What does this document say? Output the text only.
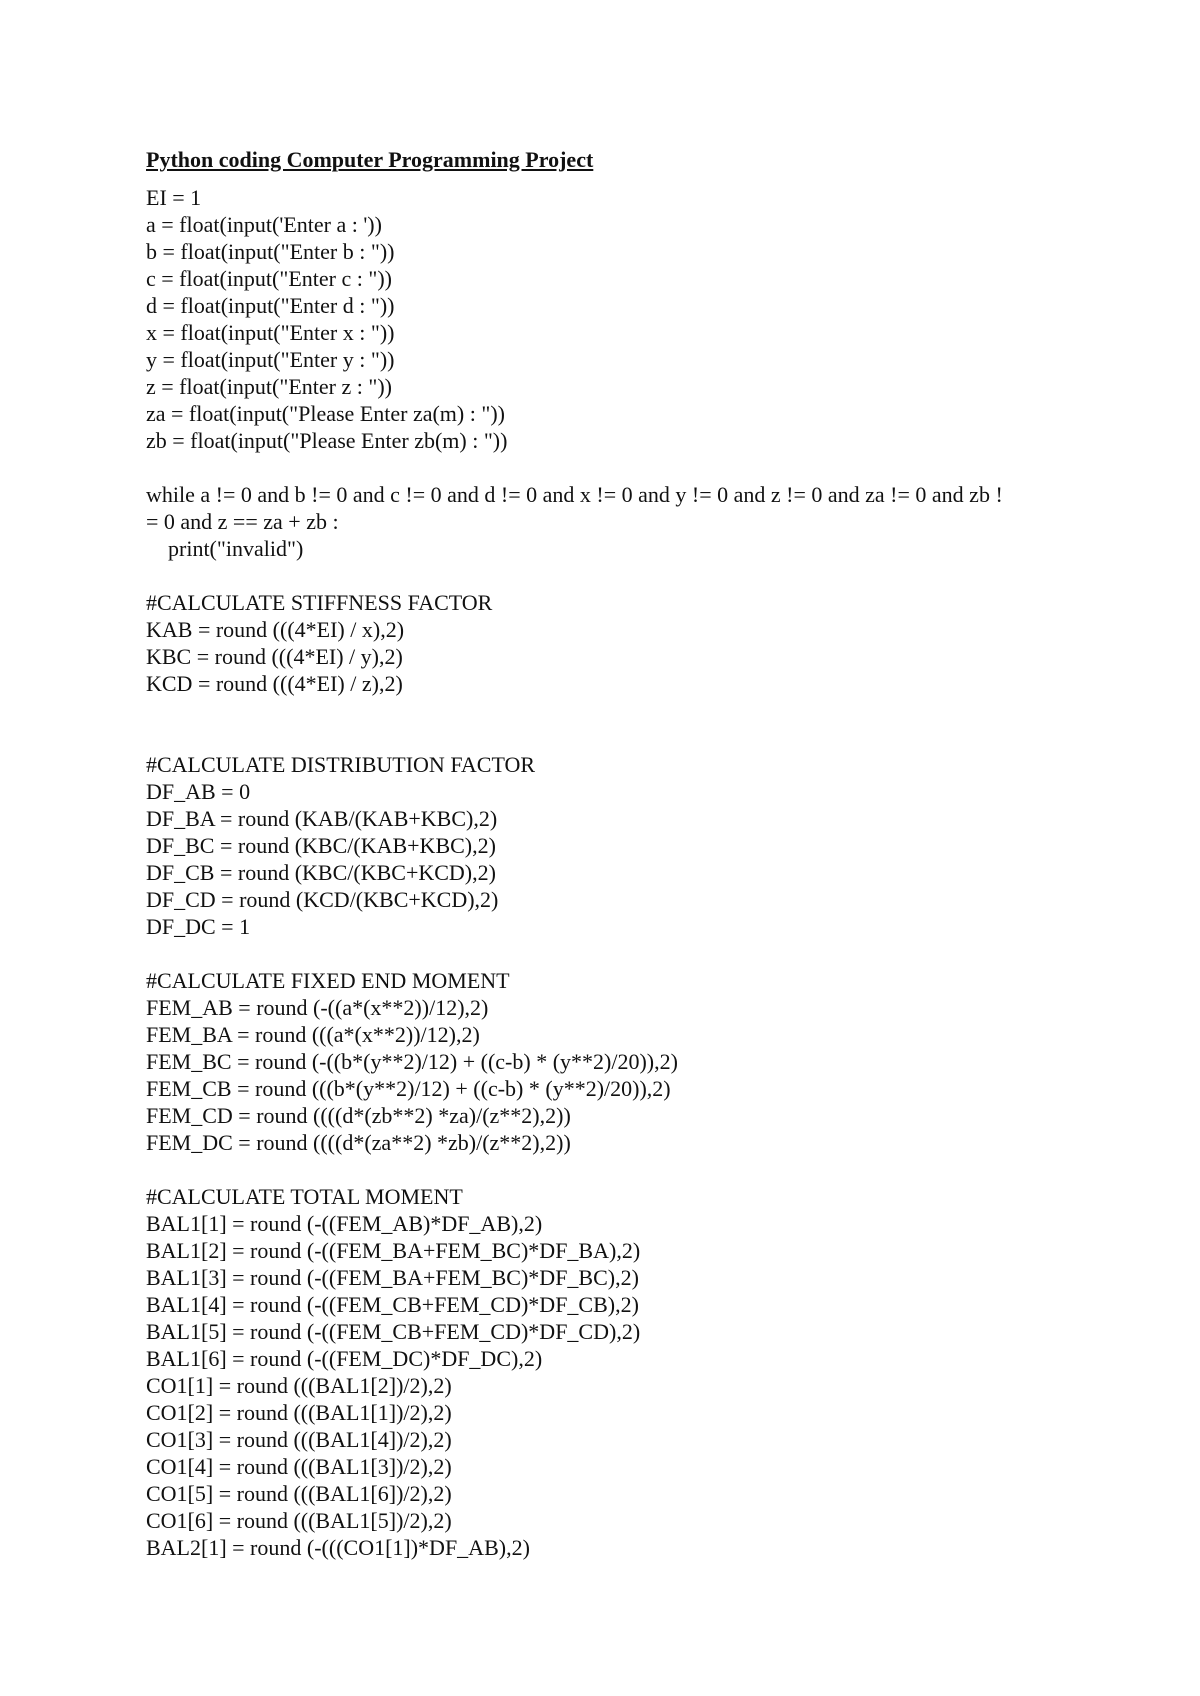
Python coding Computer Programming Project
EI = 1
a = float(input('Enter a : '))
b = float(input("Enter b : "))
c = float(input("Enter c : "))
d = float(input("Enter d : "))
x = float(input("Enter x : "))
y = float(input("Enter y : "))
z = float(input("Enter z : "))
za = float(input("Please Enter za(m) : "))
zb = float(input("Please Enter zb(m) : "))
while a != 0 and b != 0 and c != 0 and d != 0 and x != 0 and y != 0 and z != 0 and za != 0 and zb !
= 0 and z == za + zb :
print("invalid")
#CALCULATE STIFFNESS FACTOR
KAB = round (((4*EI) / x),2)
KBC = round (((4*EI) / y),2)
KCD = round (((4*EI) / z),2)
#CALCULATE DISTRIBUTION FACTOR
DF_AB = 0
DF_BA = round (KAB/(KAB+KBC),2)
DF_BC = round (KBC/(KAB+KBC),2)
DF_CB = round (KBC/(KBC+KCD),2)
DF_CD = round (KCD/(KBC+KCD),2)
DF_DC = 1
#CALCULATE FIXED END MOMENT
FEM_AB = round (-((a*(x**2))/12),2)
FEM_BA = round (((a*(x**2))/12),2)
FEM_BC = round (-((b*(y**2)/12) + ((c-b) * (y**2)/20)),2)
FEM_CB = round (((b*(y**2)/12) + ((c-b) * (y**2)/20)),2)
FEM_CD = round ((((d*(zb**2) *za)/(z**2),2))
FEM_DC = round ((((d*(za**2) *zb)/(z**2),2))
#CALCULATE TOTAL MOMENT
BAL1[1] = round (-((FEM_AB)*DF_AB),2)
BAL1[2] = round (-((FEM_BA+FEM_BC)*DF_BA),2)
BAL1[3] = round (-((FEM_BA+FEM_BC)*DF_BC),2)
BAL1[4] = round (-((FEM_CB+FEM_CD)*DF_CB),2)
BAL1[5] = round (-((FEM_CB+FEM_CD)*DF_CD),2)
BAL1[6] = round (-((FEM_DC)*DF_DC),2)
CO1[1] = round (((BAL1[2])/2),2)
CO1[2] = round (((BAL1[1])/2),2)
CO1[3] = round (((BAL1[4])/2),2)
CO1[4] = round (((BAL1[3])/2),2)
CO1[5] = round (((BAL1[6])/2),2)
CO1[6] = round (((BAL1[5])/2),2)
BAL2[1] = round (-(((CO1[1])*DF_AB),2)
